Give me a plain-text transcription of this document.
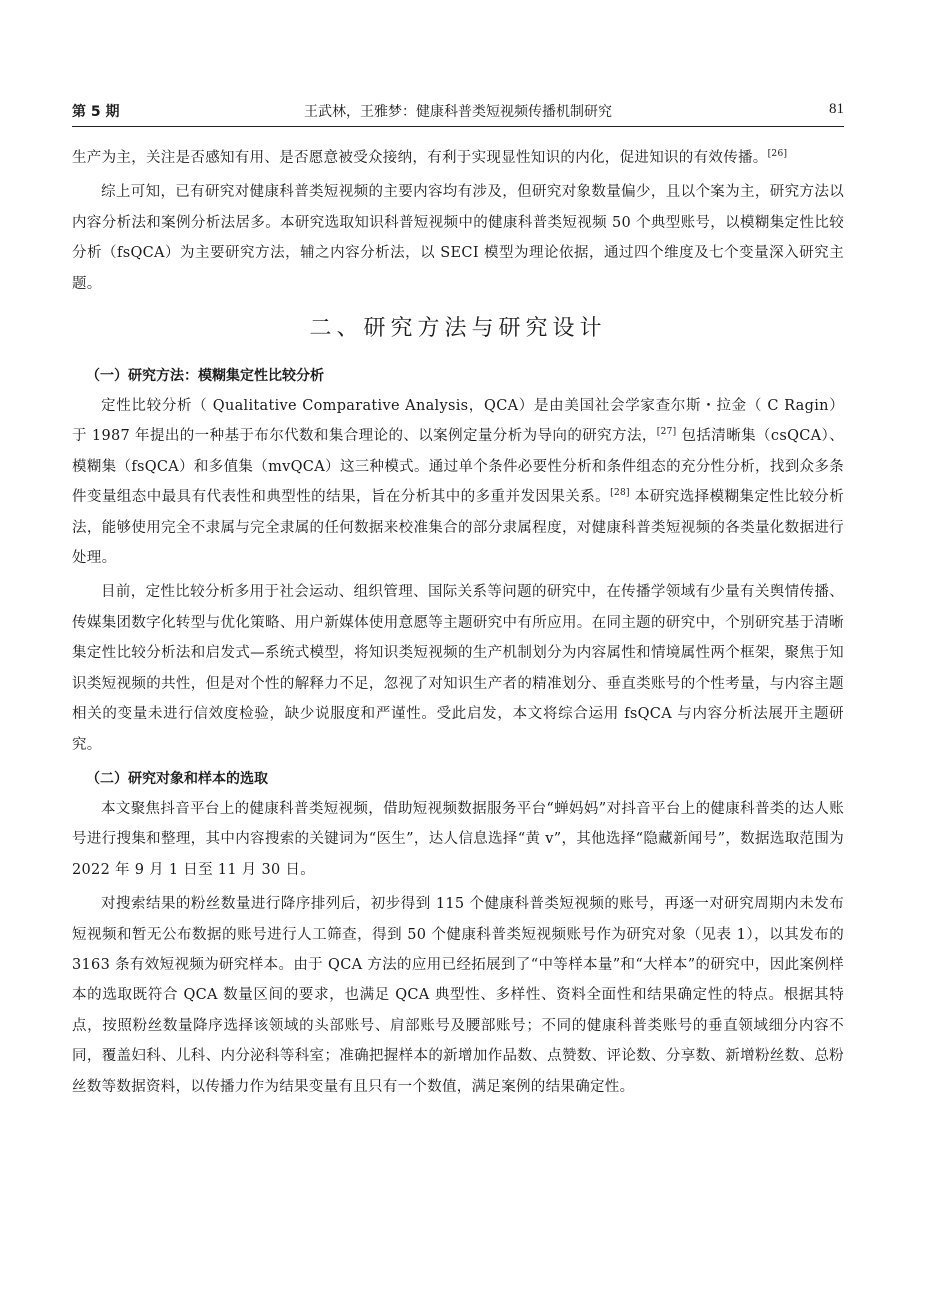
第 5 期	王武林，王雅梦：健康科普类短视频传播机制研究	81

生产为主，关注是否感知有用、是否愿意被受众接纳，有利于实现显性知识的内化，促进知识的有效传播。[26]

综上可知，已有研究对健康科普类短视频的主要内容均有涉及，但研究对象数量偏少，且以个案为主，研究方法以内容分析法和案例分析法居多。本研究选取知识科普短视频中的健康科普类短视频 50 个典型账号，以模糊集定性比较分析（fsQCA）为主要研究方法，辅之内容分析法，以 SECI 模型为理论依据，通过四个维度及七个变量深入研究主题。

二、研究方法与研究设计
（一）研究方法：模糊集定性比较分析

定性比较分析（ Qualitative Comparative Analysis，QCA）是由美国社会学家查尔斯・拉金（ C Ragin）于 1987 年提出的一种基于布尔代数和集合理论的、以案例定量分析为导向的研究方法，[27] 包括清晰集（csQCA）、模糊集（fsQCA）和多值集（mvQCA）这三种模式。通过单个条件必要性分析和条件组态的充分性分析，找到众多条件变量组态中最具有代表性和典型性的结果，旨在分析其中的多重并发因果关系。[28] 本研究选择模糊集定性比较分析法，能够使用完全不隶属与完全隶属的任何数据来校准集合的部分隶属程度，对健康科普类短视频的各类量化数据进行处理。

目前，定性比较分析多用于社会运动、组织管理、国际关系等问题的研究中，在传播学领域有少量有关舆情传播、传媒集团数字化转型与优化策略、用户新媒体使用意愿等主题研究中有所应用。在同主题的研究中，个别研究基于清晰集定性比较分析法和启发式—系统式模型，将知识类短视频的生产机制划分为内容属性和情境属性两个框架，聚焦于知识类短视频的共性，但是对个性的解释力不足，忽视了对知识生产者的精准划分、垂直类账号的个性考量，与内容主题相关的变量未进行信效度检验，缺少说服度和严谨性。受此启发，本文将综合运用 fsQCA 与内容分析法展开主题研究。

（二）研究对象和样本的选取

本文聚焦抖音平台上的健康科普类短视频，借助短视频数据服务平台“蝉妈妈”对抖音平台上的健康科普类的达人账号进行搜集和整理，其中内容搜索的关键词为“医生”，达人信息选择“黄 v”，其他选择“隐藏新闻号”，数据选取范围为 2022 年 9 月 1 日至 11 月 30 日。

对搜索结果的粉丝数量进行降序排列后，初步得到 115 个健康科普类短视频的账号，再逐一对研究周期内未发布短视频和暂无公布数据的账号进行人工筛查，得到 50 个健康科普类短视频账号作为研究对象（见表 1），以其发布的 3163 条有效短视频为研究样本。由于 QCA 方法的应用已经拓展到了“中等样本量”和“大样本”的研究中，因此案例样本的选取既符合 QCA 数量区间的要求，也满足 QCA 典型性、多样性、资料全面性和结果确定性的特点。根据其特点，按照粉丝数量降序选择该领域的头部账号、肩部账号及腰部账号；不同的健康科普类账号的垂直领域细分内容不同，覆盖妇科、儿科、内分泌科等科室；准确把握样本的新增加作品数、点赞数、评论数、分享数、新增粉丝数、总粉丝数等数据资料，以传播力作为结果变量有且只有一个数值，满足案例的结果确定性。
